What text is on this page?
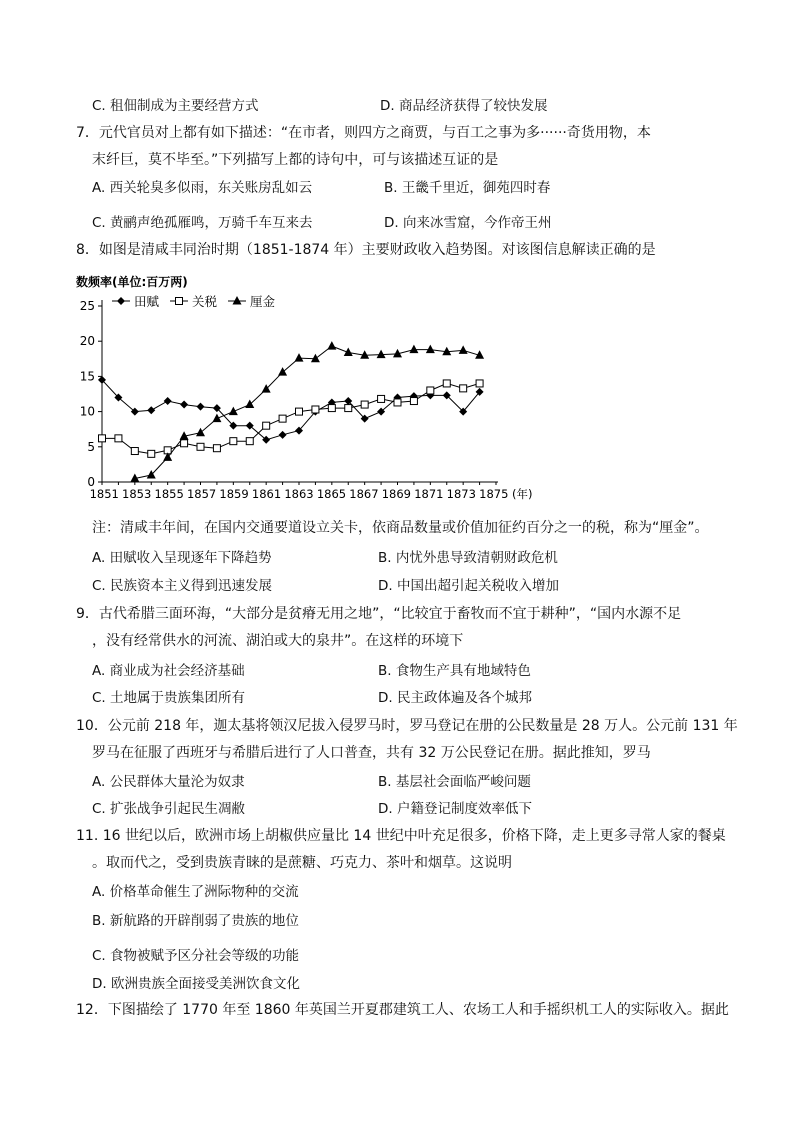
C. 租佃制成为主要经营方式	D. 商品经济获得了较快发展
7．元代官员对上都有如下描述：“在市者，则四方之商贾，与百工之事为多······奇货用物，本
末纤巨，莫不毕至。”下列描写上都的诗句中，可与该描述互证的是
A. 西关轮臭多似雨，东关账房乱如云	B. 王畿千里近，御苑四时春
C. 黄鹂声绝孤雁鸣，万骑千车互来去	D. 向来冰雪窟，今作帝王州
8．如图是清咸丰同治时期（1851-1874 年）主要财政收入趋势图。对该图信息解读正确的是
数频率(单位:百万两)
0
5
10
15
20
25
1851 1853 1855 1857 1859 1861 1863 1865 1867 1869 1871 1873 1875 (年)
田赋	关税	厘金
注：清咸丰年间，在国内交通要道设立关卡，依商品数量或价值加征约百分之一的税，称为“厘金”。
A. 田赋收入呈现逐年下降趋势	B. 内忧外患导致清朝财政危机
C. 民族资本主义得到迅速发展	D. 中国出超引起关税收入增加
9．古代希腊三面环海，“大部分是贫瘠无用之地”，“比较宜于畜牧而不宜于耕种”，“国内水源不足
，没有经常供水的河流、湖泊或大的泉井”。在这样的环境下
A. 商业成为社会经济基础	B. 食物生产具有地域特色
C. 土地属于贵族集团所有	D. 民主政体遍及各个城邦
10．公元前 218 年，迦太基将领汉尼拔入侵罗马时，罗马登记在册的公民数量是 28 万人。公元前 131 年
罗马在征服了西班牙与希腊后进行了人口普查，共有 32 万公民登记在册。据此推知，罗马
A. 公民群体大量沦为奴隶	B. 基层社会面临严峻问题
C. 扩张战争引起民生凋敝	D. 户籍登记制度效率低下
11. 16 世纪以后，欧洲市场上胡椒供应量比 14 世纪中叶充足很多，价格下降，走上更多寻常人家的餐桌
。取而代之，受到贵族青睐的是蔗糖、巧克力、茶叶和烟草。这说明
A. 价格革命催生了洲际物种的交流
B. 新航路的开辟削弱了贵族的地位
C. 食物被赋予区分社会等级的功能
D. 欧洲贵族全面接受美洲饮食文化
12．下图描绘了 1770 年至 1860 年英国兰开夏郡建筑工人、农场工人和手摇织机工人的实际收入。据此
